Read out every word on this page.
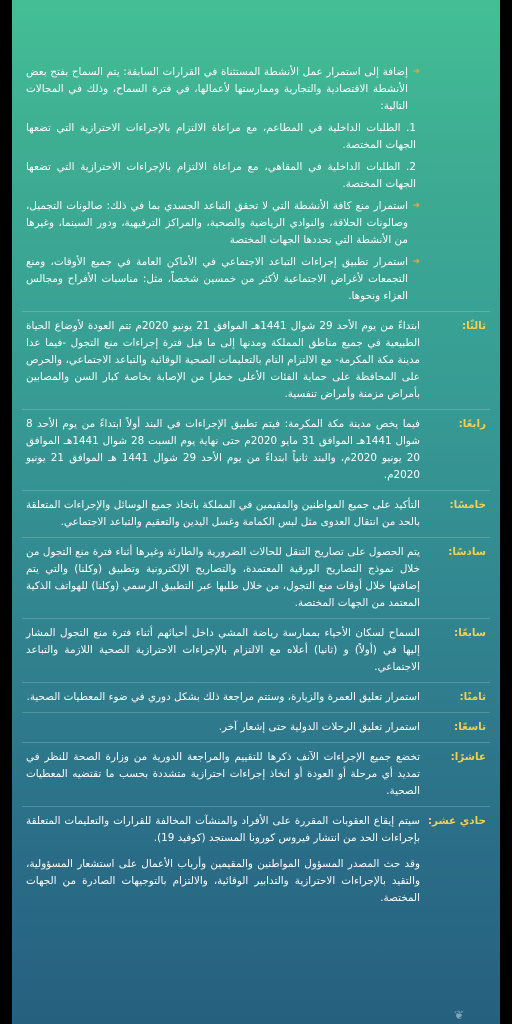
➜

إضافة إلى استمرار عمل الأنشطة المستثناة في القرارات السابقة: يتم السماح بفتح بعض الأنشطة الاقتصادية والتجارية وممارستها لأعمالها، في فترة السماح، وذلك في المجالات التالية:

1. الطلبات الداخلية في المطاعم، مع مراعاة الالتزام بالإجراءات الاحترازية التي تضعها الجهات المختصة.

2. الطلبات الداخلية في المقاهي، مع مراعاة الالتزام بالإجراءات الاحترازية التي تضعها الجهات المختصة.

➜

استمرار منع كافة الأنشطة التي لا تحقق التباعد الجسدي بما في ذلك: صالونات التجميل، وصالونات الحلاقة، والنوادي الرياضية والصحية، والمراكز الترفيهية، ودور السينما، وغيرها من الأنشطة التي تحددها الجهات المختصة

➜

استمرار تطبيق إجراءات التباعد الاجتماعي في الأماكن العامة في جميع الأوقات، ومنع التجمعات لأغراض الاجتماعية لأكثر من خمسين شخصاً، مثل: مناسبات الأفراح ومجالس العزاء ونحوها.

ثالثًا:

ابتداءً من يوم الأحد 29 شوال 1441هـ الموافق 21 يونيو 2020م تتم العودة لأوضاع الحياة الطبيعية في جميع مناطق المملكة ومدنها إلى ما قبل فترة إجراءات منع التجول -فيما عدا مدينة مكة المكرمة- مع الالتزام التام بالتعليمات الصحية الوقائية والتباعد الاجتماعي، والحرص على المحافظة على حماية الفئات الأعلى خطرا من الإصابة بخاصة كبار السن والمصابين بأمراض مزمنة وأمراض تنفسية.

رابعًا:

فيما يخص مدينة مكة المكرمة: فيتم تطبيق الإجراءات في البند أولاً ابتداءً من يوم الأحد 8 شوال 1441هـ الموافق 31 مايو 2020م حتى نهاية يوم السبت 28 شوال 1441هـ الموافق 20 يونيو 2020م، والبند ثانياً ابتداءً من يوم الأحد 29 شوال 1441 هـ الموافق 21 يونيو 2020م.

خامسًا:

التأكيد على جميع المواطنين والمقيمين في المملكة باتخاذ جميع الوسائل والإجراءات المتعلقة بالحد من انتقال العدوى مثل لبس الكمامة وغسل اليدين والتعقيم والتباعد الاجتماعي.

سادسًا:

يتم الحصول على تصاريح التنقل للحالات الضرورية والطارئة وغيرها أثناء فترة منع التجول من خلال نموذج التصاريح الورقية المعتمدة، والتصاريح الإلكترونية وتطبيق (وكلنا) والتي يتم إضافتها خلال أوقات منع التجول، من خلال طلبها عبر التطبيق الرسمي (وكلنا) للهواتف الذكية المعتمد من الجهات المختصة.

سابعًا:

السماح لسكان الأحياء بممارسة رياضة المشي داخل أحيائهم أثناء فترة منع التجول المشار إليها في (أولاً) و (ثانيا) أعلاه مع الالتزام بالإجراءات الاحترازية الصحية اللازمة والتباعد الاجتماعي.

ثامنًا:

استمرار تعليق العمرة والزيارة، وستتم مراجعة ذلك بشكل دوري في ضوء المعطيات الصحية.

تاسعًا:

استمرار تعليق الرحلات الدولية حتى إشعار آخر.

عاشرًا:

تخضع جميع الإجراءات الآنف ذكرها للتقييم والمراجعة الدورية من وزارة الصحة للنظر في تمديد أي مرحلة أو العودة أو اتخاذ إجراءات احترازية متشددة بحسب ما تقتضيه المعطيات الصحية.

حادي عشر:

سيتم إيقاع العقوبات المقررة على الأفراد والمنشآت المخالفة للقرارات والتعليمات المتعلقة بإجراءات الحد من انتشار فيروس كورونا المستجد (كوفيد 19).

وقد حث المصدر المسؤول المواطنين والمقيمين وأرباب الأعمال على استشعار المسؤولية، والتقيد بالإجراءات الاحترازية والتدابير الوقائية، والالتزام بالتوجيهات الصادرة من الجهات المختصة.

❦
